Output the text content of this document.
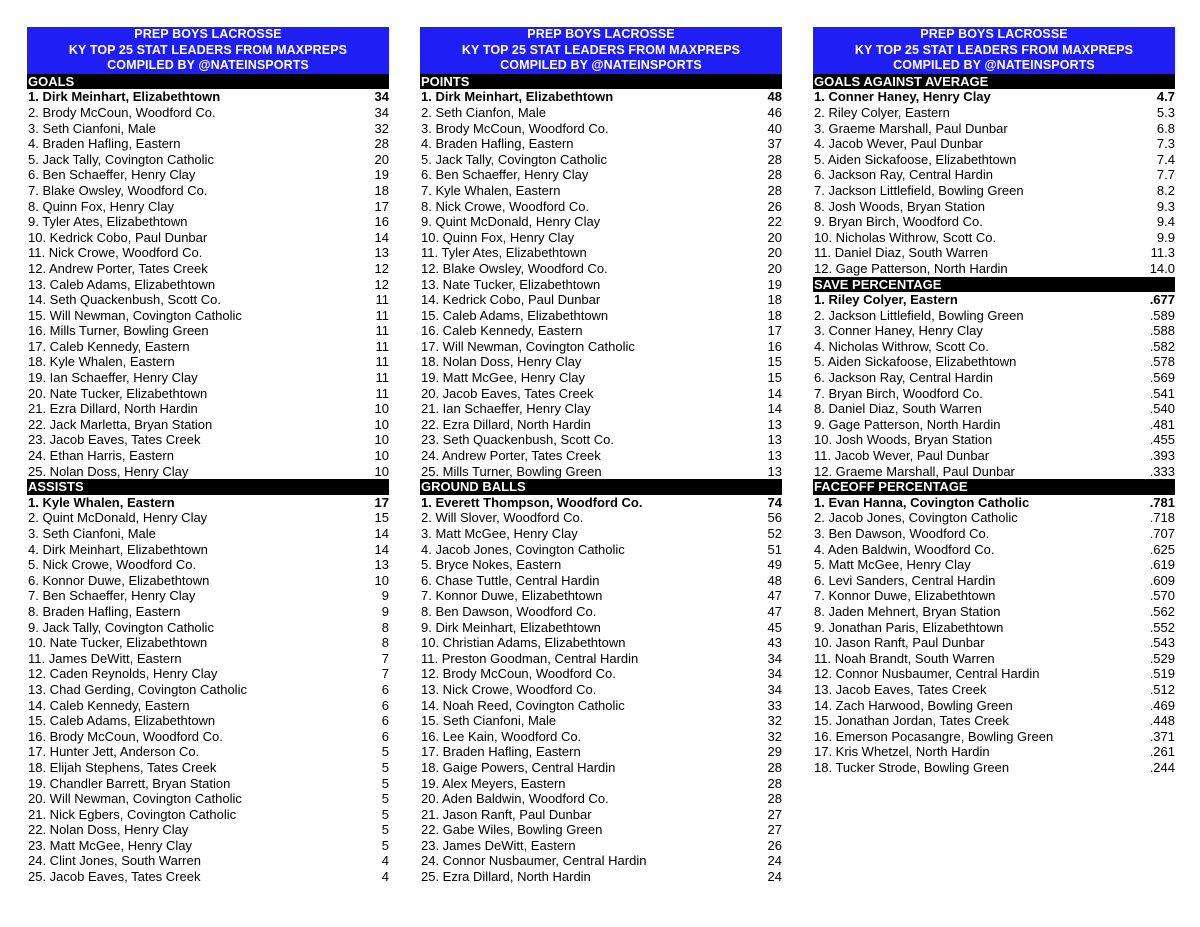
PREP BOYS LACROSSE
KY TOP 25 STAT LEADERS FROM MAXPREPS
COMPILED BY @NATEINSPORTS
GOALS
1. Dirk Meinhart, Elizabethtown	34
2. Brody McCoun, Woodford Co.	34
3. Seth Cianfoni, Male	32
4. Braden Hafling, Eastern	28
5. Jack Tally, Covington Catholic	20
6. Ben Schaeffer, Henry Clay	19
7. Blake Owsley, Woodford Co.	18
8. Quinn Fox, Henry Clay	17
9. Tyler Ates, Elizabethtown	16
10. Kedrick Cobo, Paul Dunbar	14
11. Nick Crowe, Woodford Co.	13
12. Andrew Porter, Tates Creek	12
13. Caleb Adams, Elizabethtown	12
14. Seth Quackenbush, Scott Co.	11
15. Will Newman, Covington Catholic	11
16. Mills Turner, Bowling Green	11
17. Caleb Kennedy, Eastern	11
18. Kyle Whalen, Eastern	11
19. Ian Schaeffer, Henry Clay	11
20. Nate Tucker, Elizabethtown	11
21. Ezra Dillard, North Hardin	10
22. Jack Marletta, Bryan Station	10
23. Jacob Eaves, Tates Creek	10
24. Ethan Harris, Eastern	10
25. Nolan Doss, Henry Clay	10
ASSISTS
1. Kyle Whalen, Eastern	17
2. Quint McDonald, Henry Clay	15
3. Seth Cianfoni, Male	14
4. Dirk Meinhart, Elizabethtown	14
5. Nick Crowe, Woodford Co.	13
6. Konnor Duwe, Elizabethtown	10
7. Ben Schaeffer, Henry Clay	9
8. Braden Hafling, Eastern	9
9. Jack Tally, Covington Catholic	8
10. Nate Tucker, Elizabethtown	8
11. James DeWitt, Eastern	7
12. Caden Reynolds, Henry Clay	7
13. Chad Gerding, Covington Catholic	6
14. Caleb Kennedy, Eastern	6
15. Caleb Adams, Elizabethtown	6
16. Brody McCoun, Woodford Co.	6
17. Hunter Jett, Anderson Co.	5
18. Elijah Stephens, Tates Creek	5
19. Chandler Barrett, Bryan Station	5
20. Will Newman, Covington Catholic	5
21. Nick Egbers, Covington Catholic	5
22. Nolan Doss, Henry Clay	5
23. Matt McGee, Henry Clay	5
24. Clint Jones, South Warren	4
25. Jacob Eaves, Tates Creek	4
PREP BOYS LACROSSE
KY TOP 25 STAT LEADERS FROM MAXPREPS
COMPILED BY @NATEINSPORTS
POINTS
1. Dirk Meinhart, Elizabethtown	48
2. Seth Cianfon, Male	46
3. Brody McCoun, Woodford Co.	40
4. Braden Hafling, Eastern	37
5. Jack Tally, Covington Catholic	28
6. Ben Schaeffer, Henry Clay	28
7. Kyle Whalen, Eastern	28
8. Nick Crowe, Woodford Co.	26
9. Quint McDonald, Henry Clay	22
10. Quinn Fox, Henry Clay	20
11. Tyler Ates, Elizabethtown	20
12. Blake Owsley, Woodford Co.	20
13. Nate Tucker, Elizabethtown	19
14. Kedrick Cobo, Paul Dunbar	18
15. Caleb Adams, Elizabethtown	18
16. Caleb Kennedy, Eastern	17
17. Will Newman, Covington Catholic	16
18. Nolan Doss, Henry Clay	15
19. Matt McGee, Henry Clay	15
20. Jacob Eaves, Tates Creek	14
21. Ian Schaeffer, Henry Clay	14
22. Ezra Dillard, North Hardin	13
23. Seth Quackenbush, Scott Co.	13
24. Andrew Porter, Tates Creek	13
25. Mills Turner, Bowling Green	13
GROUND BALLS
1. Everett Thompson, Woodford Co.	74
2. Will Slover, Woodford Co.	56
3. Matt McGee, Henry Clay	52
4. Jacob Jones, Covington Catholic	51
5. Bryce Nokes, Eastern	49
6. Chase Tuttle, Central Hardin	48
7. Konnor Duwe, Elizabethtown	47
8. Ben Dawson, Woodford Co.	47
9. Dirk Meinhart, Elizabethtown	45
10. Christian Adams, Elizabethtown	43
11. Preston Goodman, Central Hardin	34
12. Brody McCoun, Woodford Co.	34
13. Nick Crowe, Woodford Co.	34
14. Noah Reed, Covington Catholic	33
15. Seth Cianfoni, Male	32
16. Lee Kain, Woodford Co.	32
17. Braden Hafling, Eastern	29
18. Gaige Powers, Central Hardin	28
19. Alex Meyers, Eastern	28
20. Aden Baldwin, Woodford Co.	28
21. Jason Ranft, Paul Dunbar	27
22. Gabe Wiles, Bowling Green	27
23. James DeWitt, Eastern	26
24. Connor Nusbaumer, Central Hardin	24
25. Ezra Dillard, North Hardin	24
PREP BOYS LACROSSE
KY TOP 25 STAT LEADERS FROM MAXPREPS
COMPILED BY @NATEINSPORTS
GOALS AGAINST AVERAGE
1. Conner Haney, Henry Clay	4.7
2. Riley Colyer, Eastern	5.3
3. Graeme Marshall, Paul Dunbar	6.8
4. Jacob Wever, Paul Dunbar	7.3
5. Aiden Sickafoose, Elizabethtown	7.4
6. Jackson Ray, Central Hardin	7.7
7. Jackson Littlefield, Bowling Green	8.2
8. Josh Woods, Bryan Station	9.3
9. Bryan Birch, Woodford Co.	9.4
10. Nicholas Withrow, Scott Co.	9.9
11. Daniel Diaz, South Warren	11.3
12. Gage Patterson, North Hardin	14.0
SAVE PERCENTAGE
1. Riley Colyer, Eastern	.677
2. Jackson Littlefield, Bowling Green	.589
3. Conner Haney, Henry Clay	.588
4. Nicholas Withrow, Scott Co.	.582
5. Aiden Sickafoose, Elizabethtown	.578
6. Jackson Ray, Central Hardin	.569
7. Bryan Birch, Woodford Co.	.541
8. Daniel Diaz, South Warren	.540
9. Gage Patterson, North Hardin	.481
10. Josh Woods, Bryan Station	.455
11. Jacob Wever, Paul Dunbar	.393
12. Graeme Marshall, Paul Dunbar	.333
FACEOFF PERCENTAGE
1. Evan Hanna, Covington Catholic	.781
2. Jacob Jones, Covington Catholic	.718
3. Ben Dawson, Woodford Co.	.707
4. Aden Baldwin, Woodford Co.	.625
5. Matt McGee, Henry Clay	.619
6. Levi Sanders, Central Hardin	.609
7. Konnor Duwe, Elizabethtown	.570
8. Jaden Mehnert, Bryan Station	.562
9. Jonathan Paris, Elizabethtown	.552
10. Jason Ranft, Paul Dunbar	.543
11. Noah Brandt, South Warren	.529
12. Connor Nusbaumer, Central Hardin	.519
13. Jacob Eaves, Tates Creek	.512
14. Zach Harwood, Bowling Green	.469
15. Jonathan Jordan, Tates Creek	.448
16. Emerson Pocasangre, Bowling Green	.371
17. Kris Whetzel, North Hardin	.261
18. Tucker Strode, Bowling Green	.244
